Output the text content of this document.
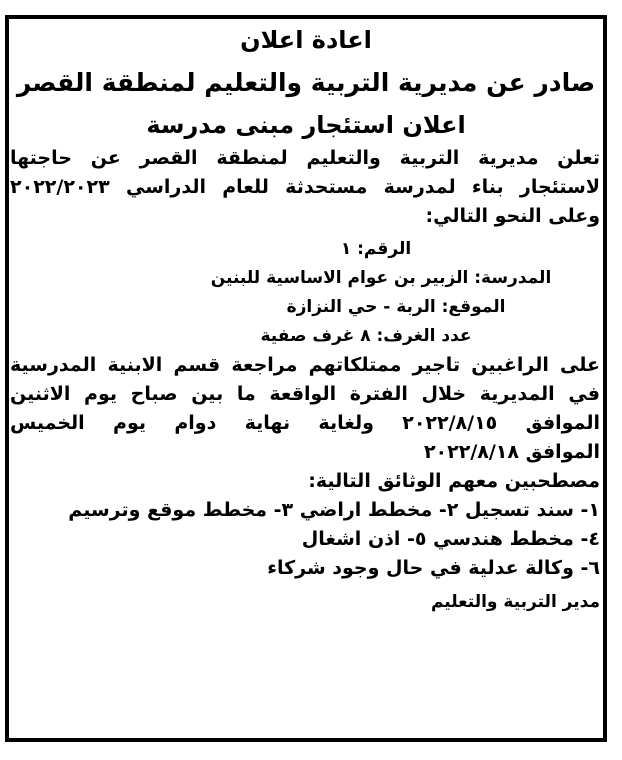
اعادة اعلان
صادر عن مديرية التربية والتعليم لمنطقة القصر
اعلان استئجار مبنى مدرسة
تعلن مديرية التربية والتعليم لمنطقة القصر عن حاجتها
لاستئجار بناء لمدرسة مستحدثة للعام الدراسي ٢٠٢٢/٢٠٢٣
وعلى النحو التالي:
الرقم: ١
المدرسة: الزبير بن عوام الاساسية للبنين
الموقع: الربة - حي النزازة
عدد الغرف: ٨ غرف صفية
على الراغبين تاجير ممتلكاتهم مراجعة قسم الابنية المدرسية
في المديرية خلال الفترة الواقعة ما بين صباح يوم الاثنين
الموافق ٢٠٢٢/٨/١٥ ولغاية نهاية دوام يوم الخميس
الموافق ٢٠٢٢/٨/١٨
مصطحبين معهم الوثائق التالية:
١- سند تسجيل ٢- مخطط اراضي ٣- مخطط موقع وترسيم
٤- مخطط هندسي ٥- اذن اشغال
٦- وكالة عدلية في حال وجود شركاء
مدير التربية والتعليم
